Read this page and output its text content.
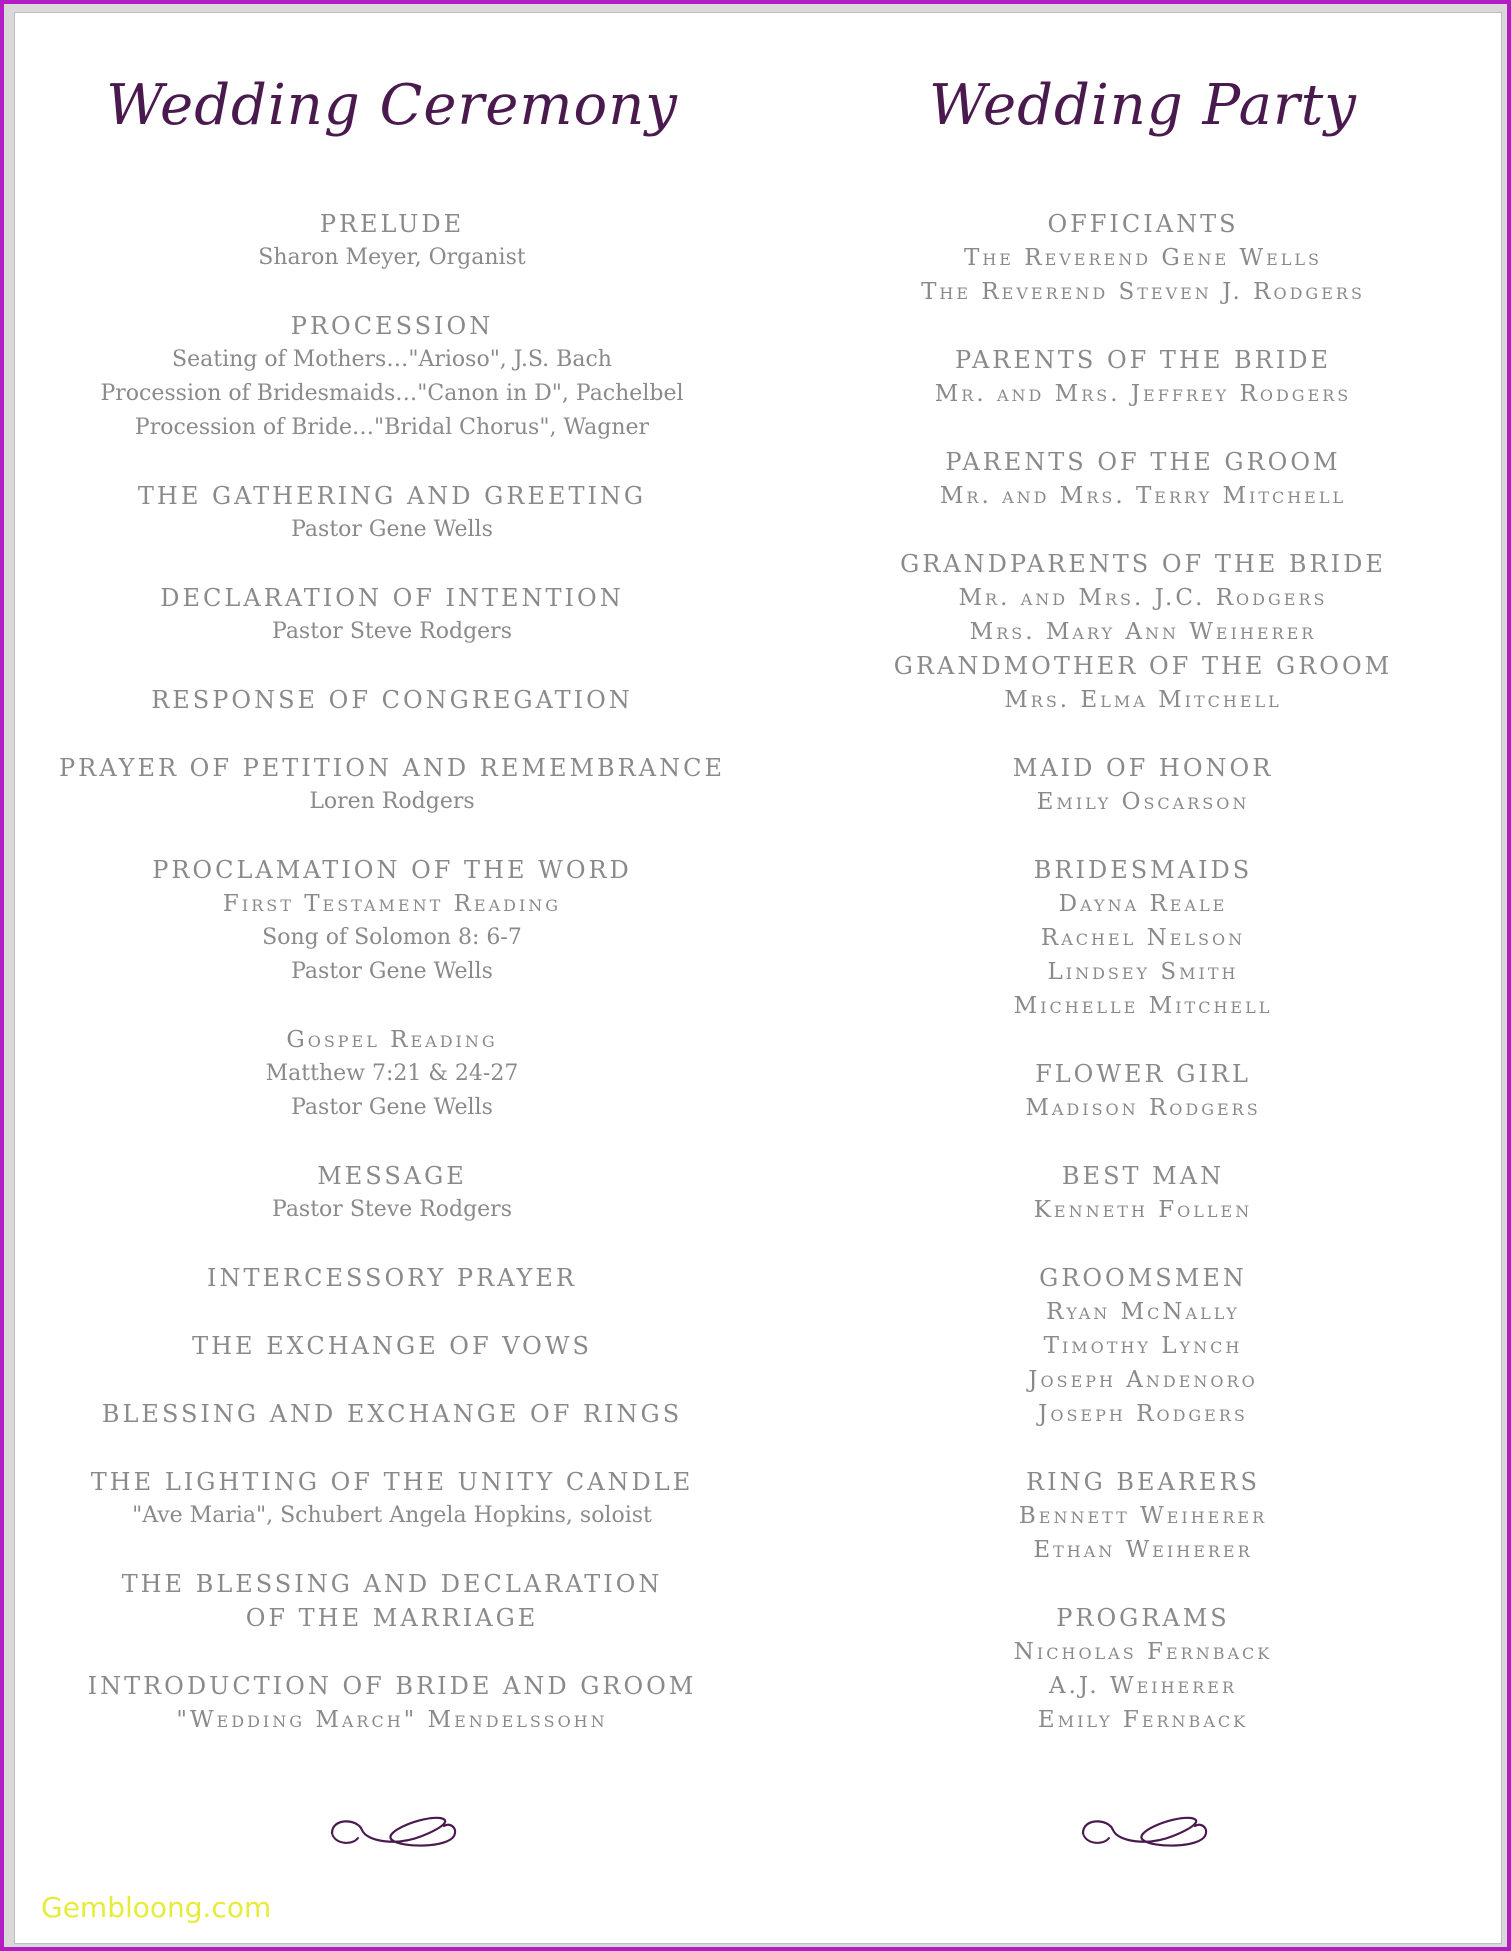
Wedding Ceremony
PRELUDE
Sharon Meyer, Organist
PROCESSION
Seating of Mothers…"Arioso", J.S. Bach
Procession of Bridesmaids…"Canon in D", Pachelbel
Procession of Bride…"Bridal Chorus", Wagner
THE GATHERING AND GREETING
Pastor Gene Wells
DECLARATION OF INTENTION
Pastor Steve Rodgers
RESPONSE OF CONGREGATION
PRAYER OF PETITION AND REMEMBRANCE
Loren Rodgers
PROCLAMATION OF THE WORD
First Testament Reading
Song of Solomon 8: 6-7
Pastor Gene Wells
Gospel Reading
Matthew 7:21 & 24-27
Pastor Gene Wells
MESSAGE
Pastor Steve Rodgers
INTERCESSORY PRAYER
THE EXCHANGE OF VOWS
BLESSING AND EXCHANGE OF RINGS
THE LIGHTING OF THE UNITY CANDLE
"Ave Maria", Schubert Angela Hopkins, soloist
THE BLESSING AND DECLARATION
OF THE MARRIAGE
INTRODUCTION OF BRIDE AND GROOM
"Wedding March" Mendelssohn
Wedding Party
OFFICIANTS
The Reverend Gene Wells
The Reverend Steven J. Rodgers
PARENTS OF THE BRIDE
Mr. and Mrs. Jeffrey Rodgers
PARENTS OF THE GROOM
Mr. and Mrs. Terry Mitchell
GRANDPARENTS OF THE BRIDE
Mr. and Mrs. J.C. Rodgers
Mrs. Mary Ann Weiherer
GRANDMOTHER OF THE GROOM
Mrs. Elma Mitchell
MAID OF HONOR
Emily Oscarson
BRIDESMAIDS
Dayna Reale
Rachel Nelson
Lindsey Smith
Michelle Mitchell
FLOWER GIRL
Madison Rodgers
BEST MAN
Kenneth Follen
GROOMSMEN
Ryan McNally
Timothy Lynch
Joseph Andenoro
Joseph Rodgers
RING BEARERS
Bennett Weiherer
Ethan Weiherer
PROGRAMS
Nicholas Fernback
A.J. Weiherer
Emily Fernback
Gembloong.com
